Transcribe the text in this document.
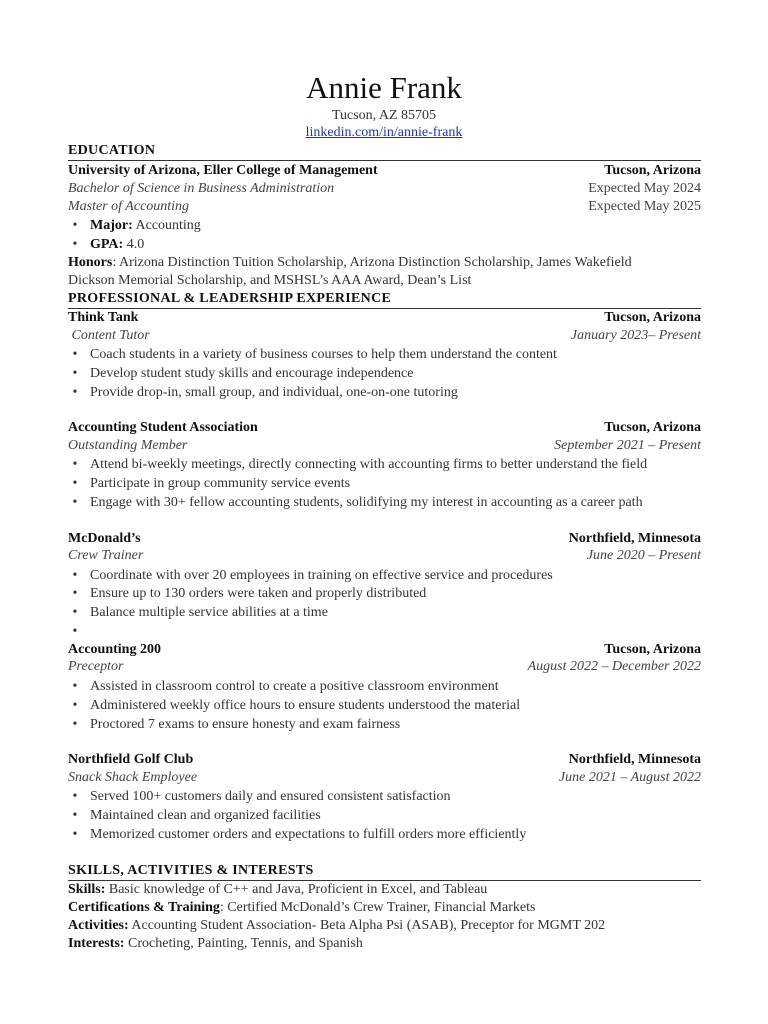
Annie Frank
Tucson, AZ 85705
linkedin.com/in/annie-frank
EDUCATION
University of Arizona, Eller College of Management	Tucson, Arizona
Bachelor of Science in Business Administration	Expected May 2024
Master of Accounting	Expected May 2025
• Major: Accounting
• GPA: 4.0
Honors: Arizona Distinction Tuition Scholarship, Arizona Distinction Scholarship, James Wakefield
Dickson Memorial Scholarship, and MSHSL’s AAA Award, Dean’s List
PROFESSIONAL & LEADERSHIP EXPERIENCE
Think Tank	Tucson, Arizona
Content Tutor	January 2023– Present
• Coach students in a variety of business courses to help them understand the content
• Develop student study skills and encourage independence
• Provide drop-in, small group, and individual, one-on-one tutoring
Accounting Student Association	Tucson, Arizona
Outstanding Member	September 2021 – Present
• Attend bi-weekly meetings, directly connecting with accounting firms to better understand the field
• Participate in group community service events
• Engage with 30+ fellow accounting students, solidifying my interest in accounting as a career path
McDonald’s	Northfield, Minnesota
Crew Trainer	June 2020 – Present
• Coordinate with over 20 employees in training on effective service and procedures
• Ensure up to 130 orders were taken and properly distributed
• Balance multiple service abilities at a time
•
Accounting 200	Tucson, Arizona
Preceptor	August 2022 – December 2022
• Assisted in classroom control to create a positive classroom environment
• Administered weekly office hours to ensure students understood the material
• Proctored 7 exams to ensure honesty and exam fairness
Northfield Golf Club	Northfield, Minnesota
Snack Shack Employee	June 2021 – August 2022
• Served 100+ customers daily and ensured consistent satisfaction
• Maintained clean and organized facilities
• Memorized customer orders and expectations to fulfill orders more efficiently
SKILLS, ACTIVITIES & INTERESTS
Skills: Basic knowledge of C++ and Java, Proficient in Excel, and Tableau
Certifications & Training: Certified McDonald’s Crew Trainer, Financial Markets
Activities: Accounting Student Association- Beta Alpha Psi (ASAB), Preceptor for MGMT 202
Interests: Crocheting, Painting, Tennis, and Spanish
